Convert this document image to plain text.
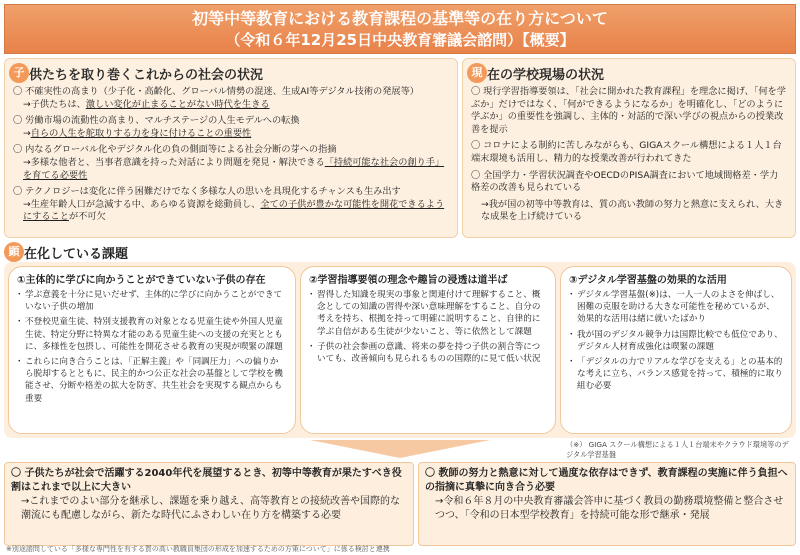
初等中等教育における教育課程の基準等の在り方について
（令和６年12月25日中央教育審議会諮問）【概要】
子 供たちを取り巻くこれからの社会の状況
〇 不確実性の高まり（少子化・高齢化、グローバル情勢の混迷、生成AI等デジタル技術の発展等）
→子供たちは、激しい変化が止まることがない時代を生きる
〇 労働市場の流動性の高まり、マルチステージの人生モデルへの転換
→自らの人生を舵取りする力を身に付けることの重要性
〇 内なるグローバル化やデジタル化の負の側面等による社会分断の芽への指摘
→多様な他者と、当事者意識を持った対話により問題を発見・解決できる「持続可能な社会の創り手」を育てる必要性
〇 テクノロジーは変化に伴う困難だけでなく多様な人の思いを具現化するチャンスも生み出す
→生産年齢人口が急減する中、あらゆる資源を総動員し、全ての子供が豊かな可能性を開花できるようにすることが不可欠
現 在の学校現場の状況
〇 現行学習指導要領は、「社会に開かれた教育課程」を理念に掲げ、「何を学ぶか」だけではなく、「何ができるようになるか」を明確化し、「どのように学ぶか」の重要性を強調し、主体的・対話的で深い学びの視点からの授業改善を提示
〇 コロナによる制約に苦しみながらも、GIGAスクール構想による１人１台端末環境も活用し、精力的な授業改善が行われてきた
〇 全国学力・学習状況調査やOECDのPISA調査において地域間格差・学力格差の改善も見られている
→我が国の初等中等教育は、質の高い教師の努力と熱意に支えられ、大きな成果を上げ続けている
顕 在化している課題
①主体的に学びに向かうことができていない子供の存在
・ 学ぶ意義を十分に見いだせず、主体的に学びに向かうことができていない子供の増加
・ 不登校児童生徒、特別支援教育の対象となる児童生徒や外国人児童生徒、特定分野に特異な才能のある児童生徒への支援の充実とともに、多様性を包摂し、可能性を開花させる教育の実現が喫緊の課題
・ これらに向き合うことは、「正解主義」や「同調圧力」への偏りから脱却するとともに、民主的かつ公正な社会の基盤として学校を機能させ、分断や格差の拡大を防ぎ、共生社会を実現する観点からも重要
②学習指導要領の理念や趣旨の浸透は道半ば
・ 習得した知識を現実の事象と関連付けて理解すること、概念としての知識の習得や深い意味理解をすること、自分の考えを持ち、根拠を持って明確に説明すること、自律的に学ぶ自信がある生徒が少ないこと、等に依然として課題
・ 子供の社会参画の意識、将来の夢を持つ子供の割合等についても、改善傾向も見られるものの国際的に見て低い状況
③デジタル学習基盤の効果的な活用
・ デジタル学習基盤(※)は、一人一人のよさを伸ばし、困難の克服を助ける大きな可能性を秘めているが、効果的な活用は緒に就いたばかり
・ 我が国のデジタル競争力は国際比較でも低位であり、デジタル人材育成強化は喫緊の課題
・ 「デジタルの力でリアルな学びを支える」との基本的な考えに立ち、バランス感覚を持って、積極的に取り組む必要
（※） GIGA スクール構想による１人１台端末やクラウド環境等のデジタル学習基盤
〇 子供たちが社会で活躍する2040年代を展望するとき、初等中等教育が果たすべき役割はこれまで以上に大きい
→これまでのよい部分を継承し、課題を乗り越え、高等教育との接続改善や国際的な潮流にも配慮しながら、新たな時代にふさわしい在り方を構築する必要
〇 教師の努力と熱意に対して過度な依存はできず、教育課程の実施に伴う負担への指摘に真摯に向き合う必要
→令和６年８月の中央教育審議会答申に基づく教員の勤務環境整備と整合させつつ、「令和の日本型学校教育」を持続可能な形で継承・発展
※別途諮問している「多様な専門性を有する質の高い教職員集団の形成を加速するための方策について」に係る検討と連携
